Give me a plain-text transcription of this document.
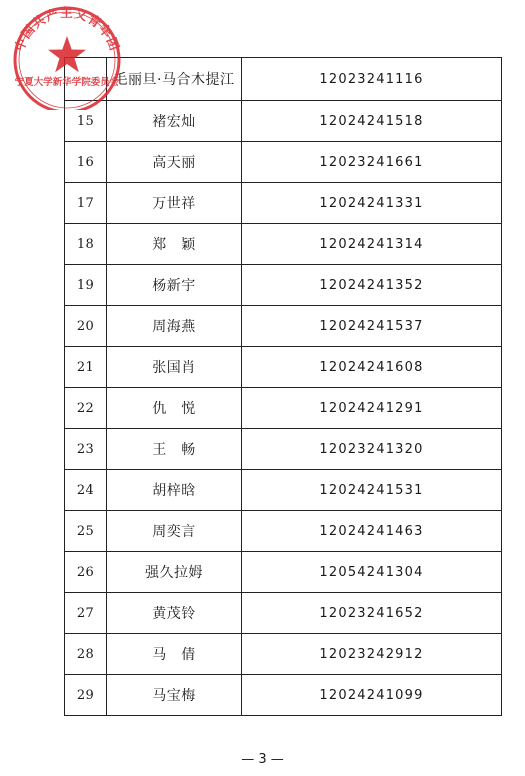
	毛丽旦·马合木提江	12023241116
15	褚宏灿	12024241518
16	高天丽	12023241661
17	万世祥	12024241331
18	郑　颖	12024241314
19	杨新宇	12024241352
20	周海燕	12024241537
21	张国肖	12024241608
22	仇　悦	12024241291
23	王　畅	12023241320
24	胡梓晗	12024241531
25	周奕言	12024241463
26	强久拉姆	12054241304
27	黄茂铃	12023241652
28	马　倩	12023242912
29	马宝梅	12024241099
中国共产主义青年团
宁夏大学新华学院委员会
— 3 —
